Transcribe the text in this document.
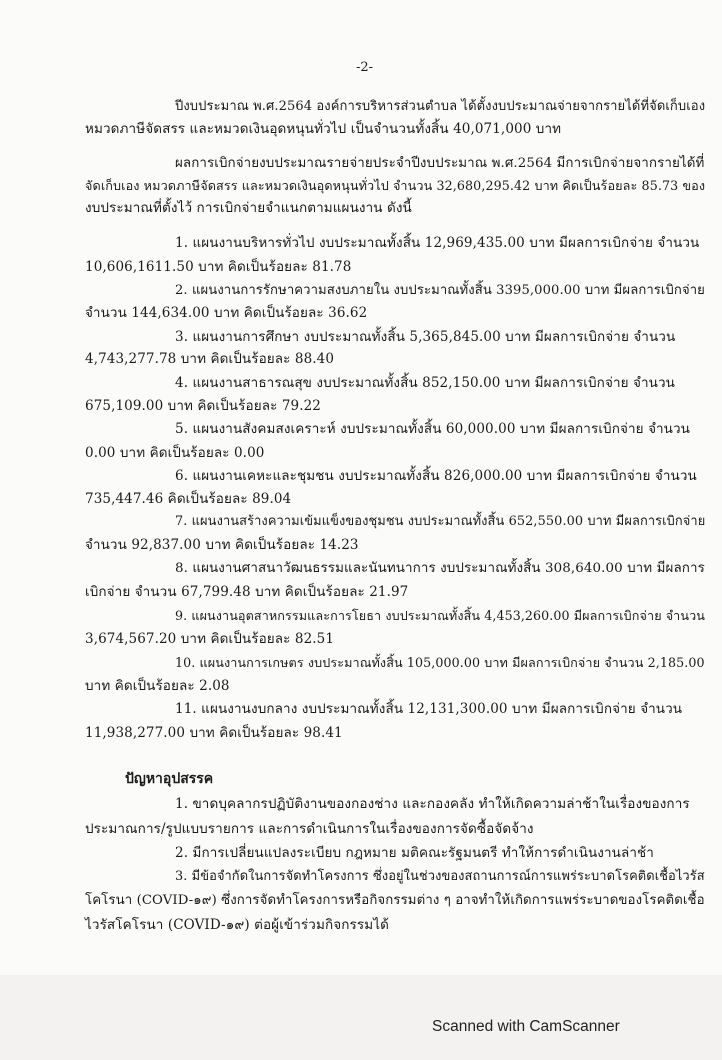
-2-
ปีงบประมาณ พ.ศ.2564 องค์การบริหารส่วนตำบล ได้ตั้งงบประมาณจ่ายจากรายได้ที่จัดเก็บเอง
หมวดภาษีจัดสรร และหมวดเงินอุดหนุนทั่วไป เป็นจำนวนทั้งสิ้น 40,071,000 บาท
ผลการเบิกจ่ายงบประมาณรายจ่ายประจำปีงบประมาณ พ.ศ.2564 มีการเบิกจ่ายจากรายได้ที่
จัดเก็บเอง หมวดภาษีจัดสรร และหมวดเงินอุดหนุนทั่วไป จำนวน 32,680,295.42 บาท คิดเป็นร้อยละ 85.73 ของ
งบประมาณที่ตั้งไว้ การเบิกจ่ายจำแนกตามแผนงาน ดังนี้
1. แผนงานบริหารทั่วไป งบประมาณทั้งสิ้น 12,969,435.00 บาท มีผลการเบิกจ่าย จำนวน
10,606,1611.50 บาท คิดเป็นร้อยละ 81.78
2. แผนงานการรักษาความสงบภายใน งบประมาณทั้งสิ้น 3395,000.00 บาท มีผลการเบิกจ่าย
จำนวน 144,634.00 บาท คิดเป็นร้อยละ 36.62
3. แผนงานการศึกษา งบประมาณทั้งสิ้น 5,365,845.00 บาท มีผลการเบิกจ่าย จำนวน
4,743,277.78 บาท คิดเป็นร้อยละ 88.40
4. แผนงานสาธารณสุข งบประมาณทั้งสิ้น 852,150.00 บาท มีผลการเบิกจ่าย จำนวน
675,109.00 บาท คิดเป็นร้อยละ 79.22
5. แผนงานสังคมสงเคราะห์ งบประมาณทั้งสิ้น 60,000.00 บาท มีผลการเบิกจ่าย จำนวน
0.00 บาท คิดเป็นร้อยละ 0.00
6. แผนงานเคหะและชุมชน งบประมาณทั้งสิ้น 826,000.00 บาท มีผลการเบิกจ่าย จำนวน
735,447.46 คิดเป็นร้อยละ 89.04
7. แผนงานสร้างความเข้มแข็งของชุมชน งบประมาณทั้งสิ้น 652,550.00 บาท มีผลการเบิกจ่าย
จำนวน 92,837.00 บาท คิดเป็นร้อยละ 14.23
8. แผนงานศาสนาวัฒนธรรมและนันทนาการ งบประมาณทั้งสิ้น 308,640.00 บาท มีผลการ
เบิกจ่าย จำนวน 67,799.48 บาท คิดเป็นร้อยละ 21.97
9. แผนงานอุตสาหกรรมและการโยธา งบประมาณทั้งสิ้น 4,453,260.00 มีผลการเบิกจ่าย จำนวน
3,674,567.20 บาท คิดเป็นร้อยละ 82.51
10. แผนงานการเกษตร งบประมาณทั้งสิ้น 105,000.00 บาท มีผลการเบิกจ่าย จำนวน 2,185.00
บาท คิดเป็นร้อยละ 2.08
11. แผนงานงบกลาง งบประมาณทั้งสิ้น 12,131,300.00 บาท มีผลการเบิกจ่าย จำนวน
11,938,277.00 บาท คิดเป็นร้อยละ 98.41
ปัญหาอุปสรรค
1. ขาดบุคลากรปฏิบัติงานของกองช่าง และกองคลัง ทำให้เกิดความล่าช้าในเรื่องของการ
ประมาณการ/รูปแบบรายการ และการดำเนินการในเรื่องของการจัดซื้อจัดจ้าง
2. มีการเปลี่ยนแปลงระเบียบ กฎหมาย มติคณะรัฐมนตรี ทำให้การดำเนินงานล่าช้า
3. มีข้อจำกัดในการจัดทำโครงการ ซึ่งอยู่ในช่วงของสถานการณ์การแพร่ระบาดโรคติดเชื้อไวรัส
โคโรนา (COVID-๑๙) ซึ่งการจัดทำโครงการหรือกิจกรรมต่าง ๆ อาจทำให้เกิดการแพร่ระบาดของโรคติดเชื้อ
ไวรัสโคโรนา (COVID-๑๙) ต่อผู้เข้าร่วมกิจกรรมได้
Scanned with CamScanner
